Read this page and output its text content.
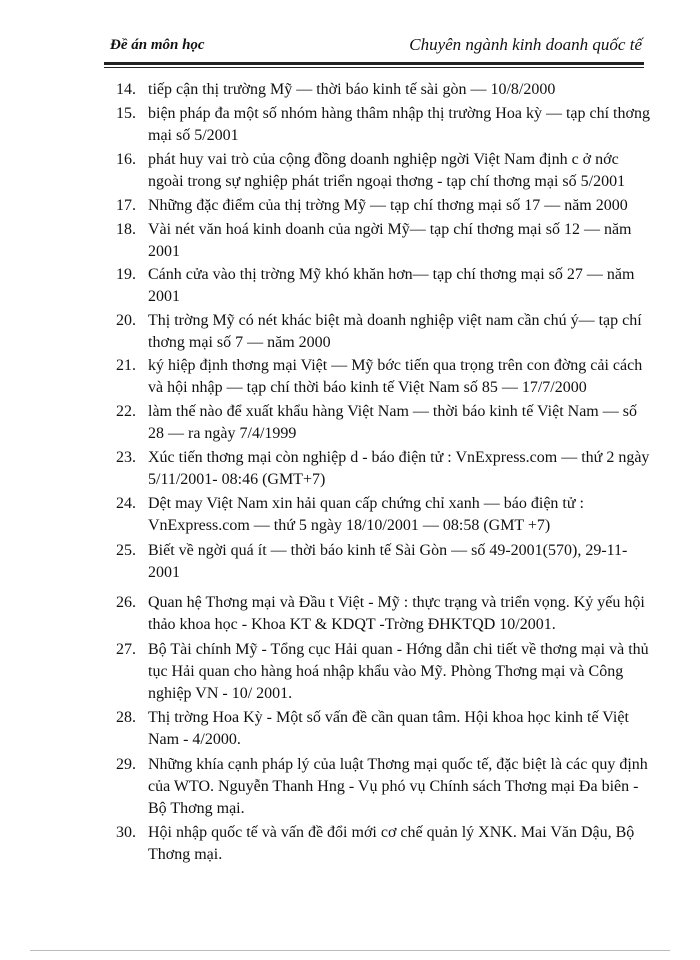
Đề án môn học	Chuyên ngành kinh doanh quốc tế
14. tiếp cận thị trường Mỹ — thời báo kinh tế sài gòn — 10/8/2000
15. biện pháp đa một số nhóm hàng thâm nhập thị trường Hoa kỳ — tạp chí thơng mại số 5/2001
16. phát huy vai trò của cộng đồng doanh nghiệp ngời Việt Nam định c ở nớc ngoài trong sự nghiệp phát triển ngoại thơng - tạp chí thơng mại số 5/2001
17. Những đặc điểm của thị trờng Mỹ — tạp chí thơng mại số 17 — năm 2000
18. Vài nét văn hoá kinh doanh của ngời Mỹ— tạp chí thơng mại số 12 — năm 2001
19. Cánh cửa vào thị trờng Mỹ khó khăn hơn— tạp chí thơng mại số 27 — năm 2001
20. Thị trờng Mỹ có nét khác biệt mà doanh nghiệp việt nam cần chú ý— tạp chí thơng mại số 7 — năm 2000
21. ký hiệp định thơng mại Việt — Mỹ bớc tiến qua trọng trên con đờng cải cách và hội nhập — tạp chí thời báo kinh tế Việt Nam số 85 — 17/7/2000
22. làm thế nào để xuất khẩu hàng Việt Nam — thời báo kinh tế Việt Nam — số 28 — ra ngày 7/4/1999
23. Xúc tiến thơng mại còn nghiệp d - báo điện tử : VnExpress.com — thứ 2 ngày 5/11/2001- 08:46 (GMT+7)
24. Dệt may Việt Nam xin hải quan cấp chứng chỉ xanh — báo điện tử : VnExpress.com — thứ 5 ngày 18/10/2001 — 08:58 (GMT +7)
25. Biết về ngời quá ít — thời báo kinh tế Sài Gòn — số 49-2001(570), 29-11-2001
26. Quan hệ Thơng mại và Đầu t Việt - Mỹ : thực trạng và triển vọng. Kỷ yếu hội thảo khoa học - Khoa KT & KDQT -Trờng ĐHKTQD 10/2001.
27. Bộ Tài chính Mỹ - Tổng cục Hải quan - Hớng dẫn chi tiết về thơng mại và thủ tục Hải quan cho hàng hoá nhập khẩu vào Mỹ. Phòng Thơng mại và Công nghiệp VN - 10/ 2001.
28. Thị trờng Hoa Kỳ - Một số vấn đề cần quan tâm. Hội khoa học kinh tế Việt Nam - 4/2000.
29. Những khía cạnh pháp lý của luật Thơng mại quốc tế, đặc biệt là các quy định của WTO. Nguyễn Thanh Hng - Vụ phó vụ Chính sách Thơng mại Đa biên - Bộ Thơng mại.
30. Hội nhập quốc tế và vấn đề đổi mới cơ chế quản lý XNK. Mai Văn Dậu, Bộ Thơng mại.
